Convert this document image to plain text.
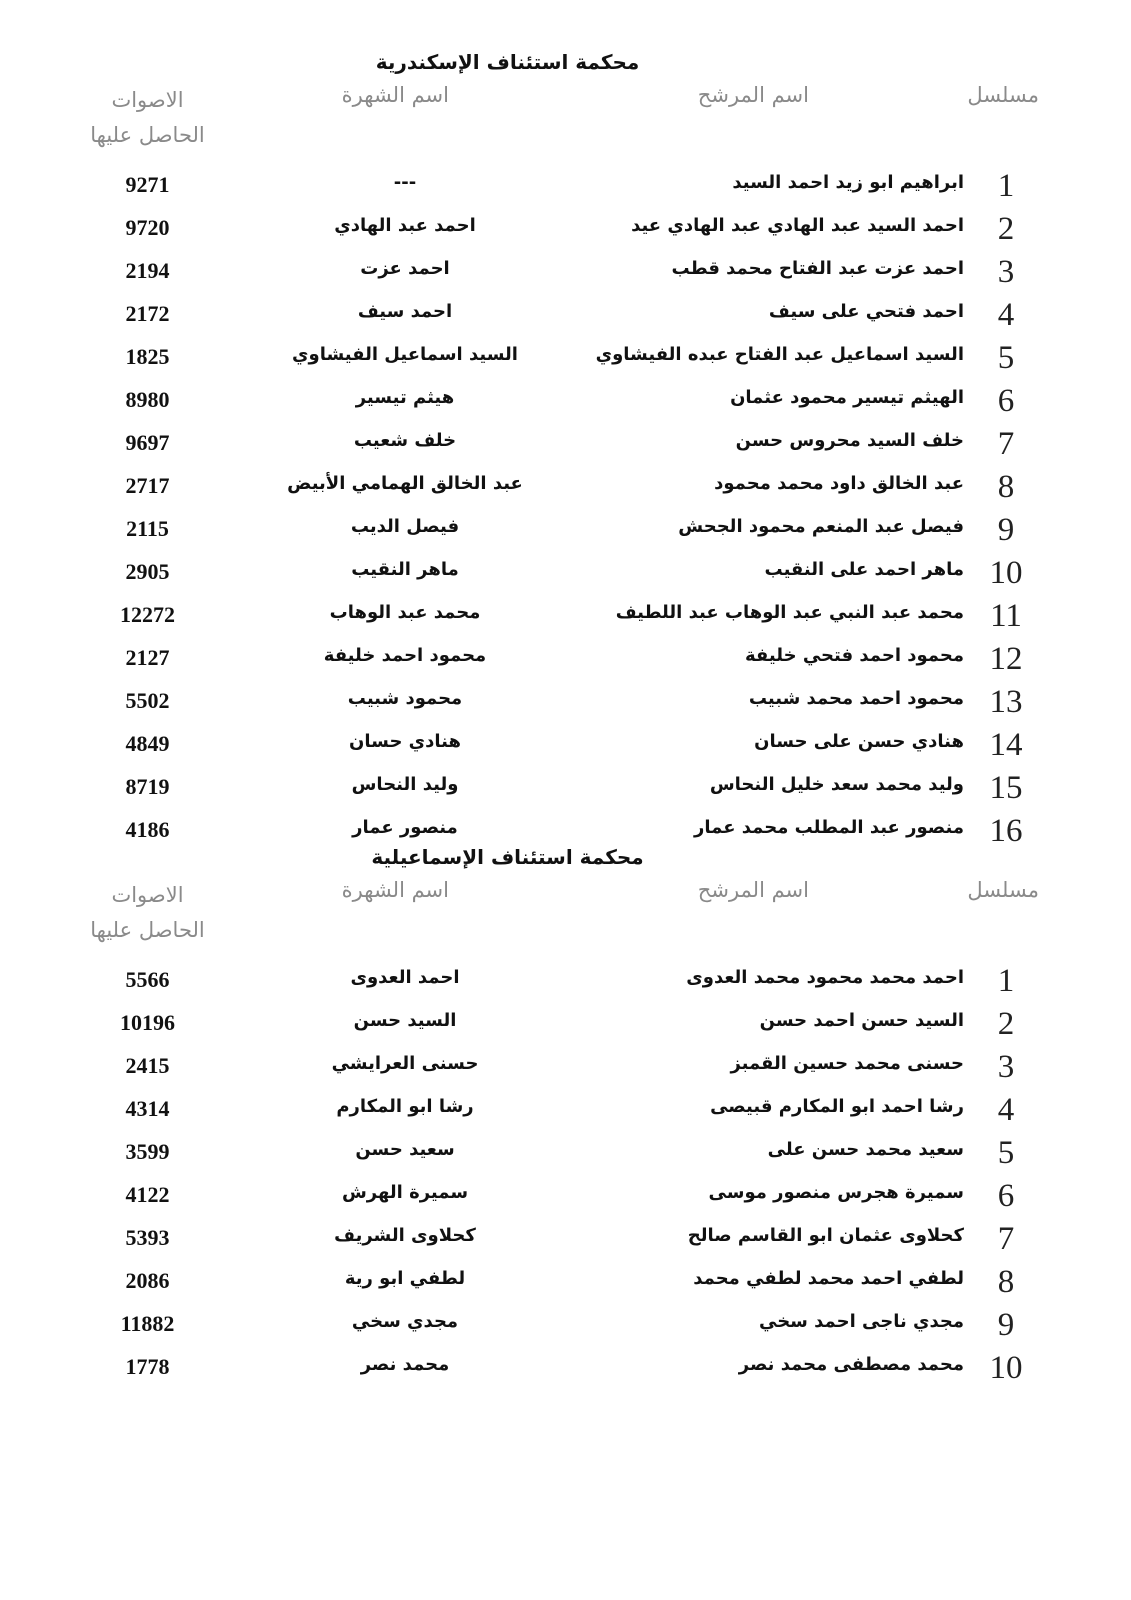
محكمة استئناف الإسكندرية
مسلسل
اسم المرشح
اسم الشهرة
الاصوات الحاصل عليها
1
ابراهيم ابو زيد احمد السيد
---
9271
2
احمد السيد عبد الهادي عبد الهادي عيد
احمد عبد الهادي
9720
3
احمد عزت عبد الفتاح محمد قطب
احمد عزت
2194
4
احمد فتحي على سيف
احمد سيف
2172
5
السيد اسماعيل عبد الفتاح عبده الفيشاوي
السيد اسماعيل الفيشاوي
1825
6
الهيثم تيسير محمود عثمان
هيثم تيسير
8980
7
خلف السيد محروس حسن
خلف شعيب
9697
8
عبد الخالق داود محمد محمود
عبد الخالق الهمامي الأبيض
2717
9
فيصل عبد المنعم محمود الجحش
فيصل الديب
2115
10
ماهر احمد على النقيب
ماهر النقيب
2905
11
محمد عبد النبي عبد الوهاب عبد اللطيف
محمد عبد الوهاب
12272
12
محمود احمد فتحي خليفة
محمود احمد خليفة
2127
13
محمود احمد محمد شبيب
محمود شبيب
5502
14
هنادي حسن على حسان
هنادي حسان
4849
15
وليد محمد سعد خليل النحاس
وليد النحاس
8719
16
منصور عبد المطلب محمد عمار
منصور عمار
4186
محكمة استئناف الإسماعيلية
مسلسل
اسم المرشح
اسم الشهرة
الاصوات الحاصل عليها
1
احمد محمد محمود محمد العدوى
احمد العدوى
5566
2
السيد حسن احمد حسن
السيد حسن
10196
3
حسنى محمد حسين القمبز
حسنى العرايشي
2415
4
رشا احمد ابو المكارم قبيصى
رشا ابو المكارم
4314
5
سعيد محمد حسن على
سعيد حسن
3599
6
سميرة هجرس منصور موسى
سميرة الهرش
4122
7
كحلاوى عثمان ابو القاسم صالح
كحلاوى الشريف
5393
8
لطفي احمد محمد لطفي محمد
لطفي ابو رية
2086
9
مجدي ناجى احمد سخي
مجدي سخي
11882
10
محمد مصطفى محمد نصر
محمد نصر
1778
